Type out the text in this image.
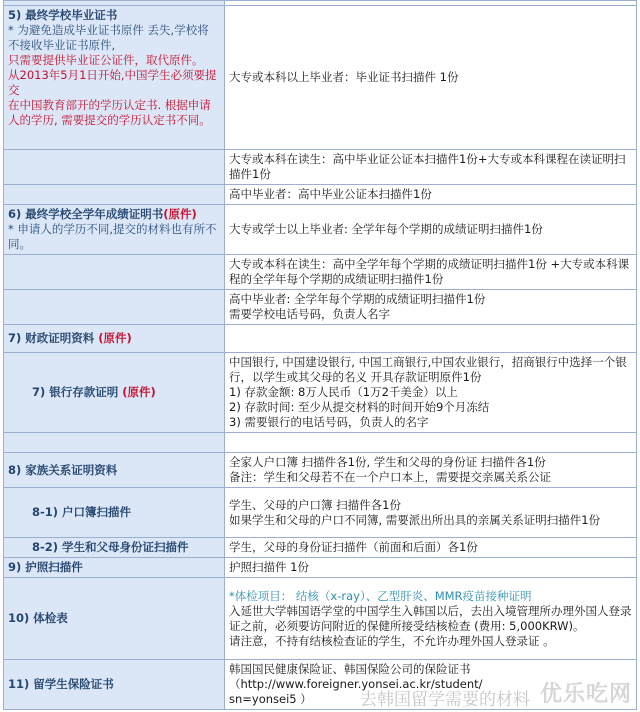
5) 最终学校毕业证书
* 为避免造成毕业证书原件 丢失,学校将不接收毕业证书原件,
只需要提供毕业证公证件，取代原件。
从2013年5月1日开始,中国学生必须要提交
在中国教育部开的学历认定书. 根据申请人的学历, 需要提交的学历认定书不同。	大专或本科以上毕业者：毕业证书扫描件 1份
	大专或本科在读生：高中毕业证公证本扫描件1份+大专或本科课程在读证明扫描件1份
	高中毕业者：高中毕业公证本扫描件1份

6) 最终学校全学年成绩证明书(原件)
* 申请人的学历不同,提交的材料也有所不同。	大专或学士以上毕业者: 全学年每个学期的成绩证明扫描件1份
	大专或本科在读生：高中全学年每个学期的成绩证明扫描件1份 +大专或本科课程的全学年每个学期的成绩证明扫描件1份

	高中毕业者: 全学年每个学期的成绩证明扫描件1份
需要学校电话号码，负责人名字

7) 财政证明资料 (原件)	
7) 银行存款证明 (原件)	中国银行, 中国建设银行, 中国工商银行,中国农业银行，招商银行中选择一个银行，以学生或其父母的名义 开具存款证明原件1份
1) 存款金额: 8万人民币（1万2千美金）以上
2) 存款时间: 至少从提交材料的时间开始9个月冻结
3) 需要银行的电话号码，负责人的名字

8) 家族关系证明资料	全家人户口簿 扫描件各1份, 学生和父母的身份证 扫描件各1份
备注：学生和父母若不在一个户口本上，需要提交亲属关系公证

8-1) 户口簿扫描件	学生、父母的户口簿 扫描件各1份
如果学生和父母的户口不同簿, 需要派出所出具的亲属关系证明扫描件1份

8-2) 学生和父母身份证扫描件	学生，父母的身份证扫描件（前面和后面）各1份
9) 护照扫描件	护照扫描件 1份
10) 体检表	*体检项目： 结核（x-ray）、乙型肝炎、MMR疫苗接种证明
入延世大学韩国语学堂的中国学生入韩国以后，去出入境管理所办理外国人登录证之前，必须要访问附近的保健所接受结核检查 (费用: 5,000KRW)。
请注意，不持有结核检查证的学生，不允许办理外国人登录证 。

11) 留学生保险证书	韩国国民健康保险证、韩国保险公司的保险证书
（http://www.foreigner.yonsei.ac.kr/student/
sn=yonsei5 ）	去韩国留学需要的材料 优乐吃网
